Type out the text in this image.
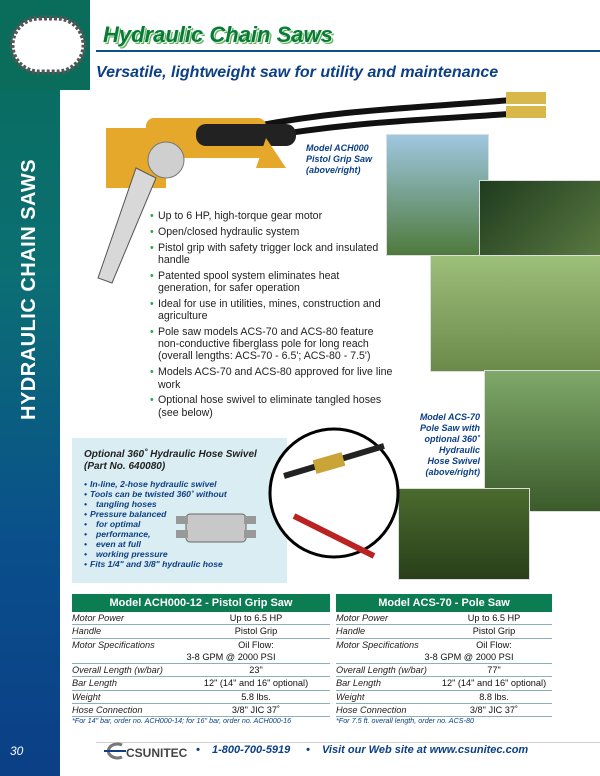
HYDRAULIC CHAIN SAWS
30
Hydraulic Chain Saws
Versatile, lightweight saw for utility and maintenance
Model ACH000
Pistol Grip Saw
(above/right)
Model ACS-70
Pole Saw with
optional 360˚
Hydraulic
Hose Swivel
(above/right)
• Up to 6 HP, high-torque gear motor
• Open/closed hydraulic system
• Pistol grip with safety trigger lock and insulated handle
• Patented spool system eliminates heat generation, for safer operation
• Ideal for use in utilities, mines, construction and agriculture
• Pole saw models ACS-70 and ACS-80 feature non-conductive fiberglass pole for long reach (overall lengths: ACS-70 - 6.5'; ACS-80 - 7.5')
• Models ACS-70 and ACS-80 approved for live line work
• Optional hose swivel to eliminate tangled hoses (see below)
Optional 360˚ Hydraulic Hose Swivel
(Part No. 640080)
• In-line, 2-hose hydraulic swivel
• Tools can be twisted 360˚ without
• tangling hoses
• Pressure balanced
• for optimal
• performance,
• even at full
• working pressure
• Fits 1/4" and 3/8" hydraulic hose
Model ACH000-12 - Pistol Grip Saw
Motor Power	Up to 6.5 HP
Handle	Pistol Grip
Motor Specifications	Oil Flow:
3-8 GPM @ 2000 PSI
Overall Length (w/bar)	23"
Bar Length	12" (14" and 16" optional)
Weight	5.8 lbs.
Hose Connection	3/8" JIC 37˚
*For 14" bar, order no. ACH000-14; for 16" bar, order no. ACH000-16
Model ACS-70 - Pole Saw
Motor Power	Up to 6.5 HP
Handle	Pistol Grip
Motor Specifications	Oil Flow:
3-8 GPM @ 2000 PSI
Overall Length (w/bar)	77"
Bar Length	12" (14" and 16" optional)
Weight	8.8 lbs.
Hose Connection	3/8" JIC 37˚
*For 7.5 ft. overall length, order no. ACS-80
CSUNITEC • 1-800-700-5919 • Visit our Web site at www.csunitec.com
